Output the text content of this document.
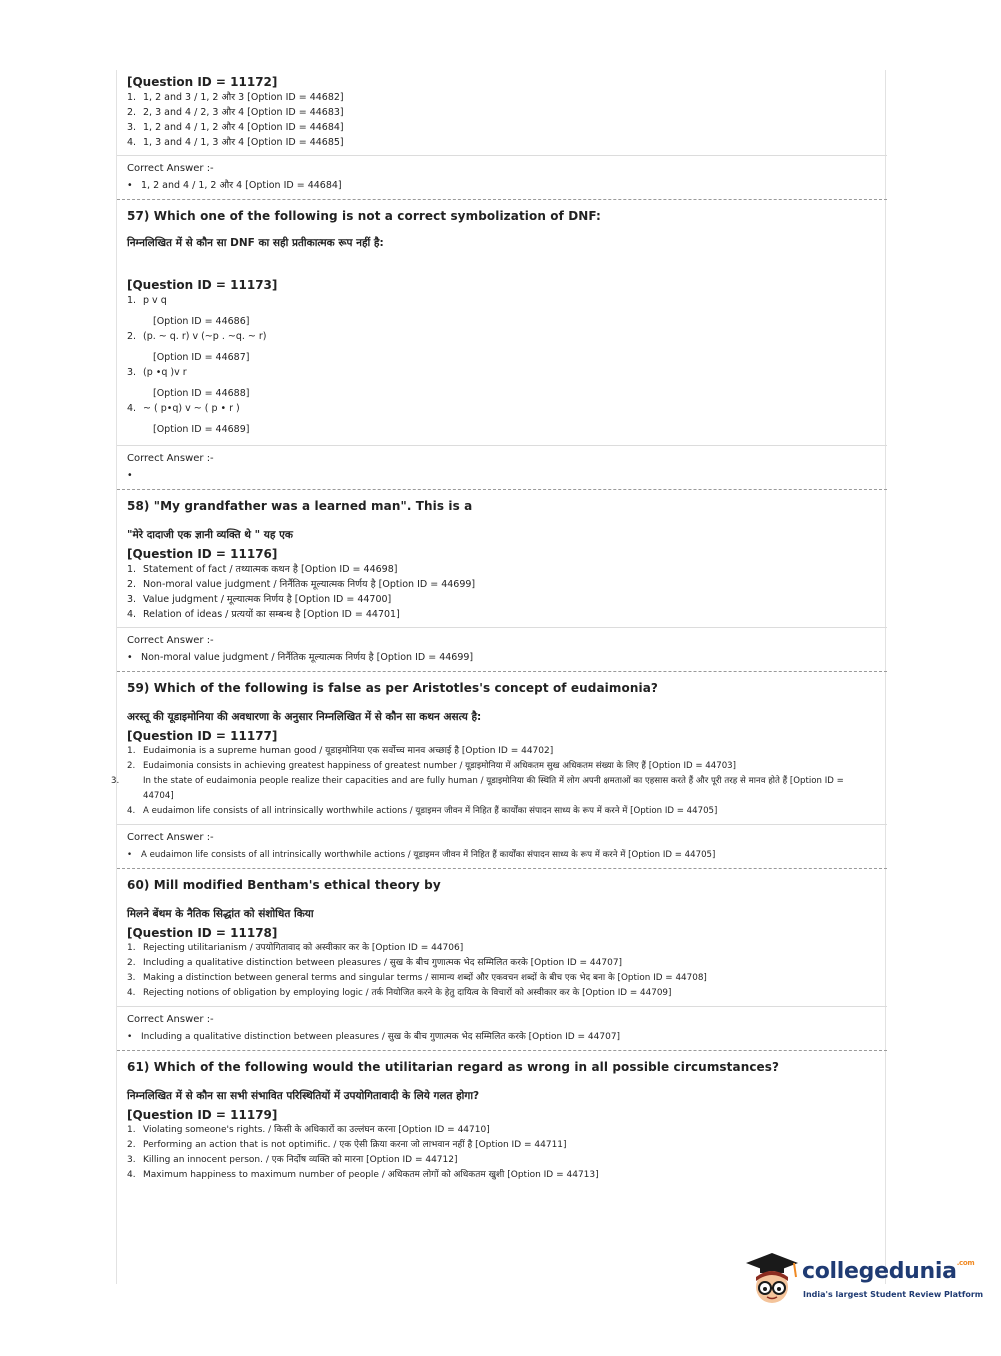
[Question ID = 11172]

1. 1, 2 and 3 / 1, 2 और 3 [Option ID = 44682]

2. 2, 3 and 4 / 2, 3 और 4 [Option ID = 44683]

3. 1, 2 and 4 / 1, 2 और 4 [Option ID = 44684]

4. 1, 3 and 4 / 1, 3 और 4 [Option ID = 44685]

Correct Answer :-

• 1, 2 and 4 / 1, 2 और 4 [Option ID = 44684]

57) Which one of the following is not a correct symbolization of DNF:

निम्नलिखित में से कौन सा DNF का सही प्रतीकात्मक रूप नहीं है:

[Question ID = 11173]

1. p v q

[Option ID = 44686]

2. (p. ~ q. r) v (~p . ~q. ~ r)

[Option ID = 44687]

3. (p •q )v r

[Option ID = 44688]

4. ~ ( p•q) v ~ ( p • r )

[Option ID = 44689]

Correct Answer :-

•

58) "My grandfather was a learned man". This is a

"मेरे दादाजी एक ज्ञानी व्यक्ति थे " यह एक

[Question ID = 11176]

1. Statement of fact / तथ्यात्मक कथन है [Option ID = 44698]

2. Non-moral value judgment / निर्नैतिक मूल्यात्मक निर्णय है [Option ID = 44699]

3. Value judgment / मूल्यात्मक निर्णय है [Option ID = 44700]

4. Relation of ideas / प्रत्ययों का सम्बन्ध है [Option ID = 44701]

Correct Answer :-

• Non-moral value judgment / निर्नैतिक मूल्यात्मक निर्णय है [Option ID = 44699]

59) Which of the following is false as per Aristotles's concept of eudaimonia?

अरस्तू की यूडाइमोनिया की अवधारणा के अनुसार निम्नलिखित में से कौन सा कथन असत्य है:

[Question ID = 11177]

1. Eudaimonia is a supreme human good / यूडाइमोनिया एक सर्वोच्च मानव अच्छाई है [Option ID = 44702]

2. Eudaimonia consists in achieving greatest happiness of greatest number / यूडाइमोनिया में अधिकतम सुख अधिकतम संख्या के लिए हैं [Option ID = 44703]

3.	In the state of eudaimonia people realize their capacities and are fully human / यूडाइमोनिया की स्थिति में लोग अपनी क्षमताओं का एहसास करते हैं और पूरी तरह से मानव होते हैं [Option ID = 44704]

4. A eudaimon life consists of all intrinsically worthwhile actions / यूडाइमन जीवन में निहित हैं कार्योंका संपादन साध्य के रूप में करने में [Option ID = 44705]

Correct Answer :-

• A eudaimon life consists of all intrinsically worthwhile actions / यूडाइमन जीवन में निहित हैं कार्योंका संपादन साध्य के रूप में करने में [Option ID = 44705]

60) Mill modified Bentham's ethical theory by

मिलने बेंथम के नैतिक सिद्धांत को संशोधित किया

[Question ID = 11178]

1. Rejecting utilitarianism / उपयोगितावाद को अस्वीकार कर के [Option ID = 44706]

2. Including a qualitative distinction between pleasures / सुख के बीच गुणात्मक भेद सम्मिलित करके [Option ID = 44707]

3. Making a distinction between general terms and singular terms / सामान्य शब्दों और एकवचन शब्दों के बीच एक भेद बना के [Option ID = 44708]

4. Rejecting notions of obligation by employing logic / तर्क नियोजित करने के हेतु दायित्व के विचारों को अस्वीकार कर के [Option ID = 44709]

Correct Answer :-

• Including a qualitative distinction between pleasures / सुख के बीच गुणात्मक भेद सम्मिलित करके [Option ID = 44707]

61) Which of the following would the utilitarian regard as wrong in all possible circumstances?

निम्नलिखित में से कौन सा सभी संभावित परिस्थितियों में उपयोगितावादी के लिये गलत होगा?

[Question ID = 11179]

1. Violating someone's rights. / किसी के अधिकारों का उल्लंघन करना [Option ID = 44710]

2. Performing an action that is not optimific. / एक ऐसी क्रिया करना जो लाभवान नहीं है [Option ID = 44711]

3. Killing an innocent person. / एक निर्दोष व्यक्ति को मारना [Option ID = 44712]

4. Maximum happiness to maximum number of people / अधिकतम लोगों को अधिकतम खुशी [Option ID = 44713]

collegedunia$^{.com}$
India's largest Student Review Platform
